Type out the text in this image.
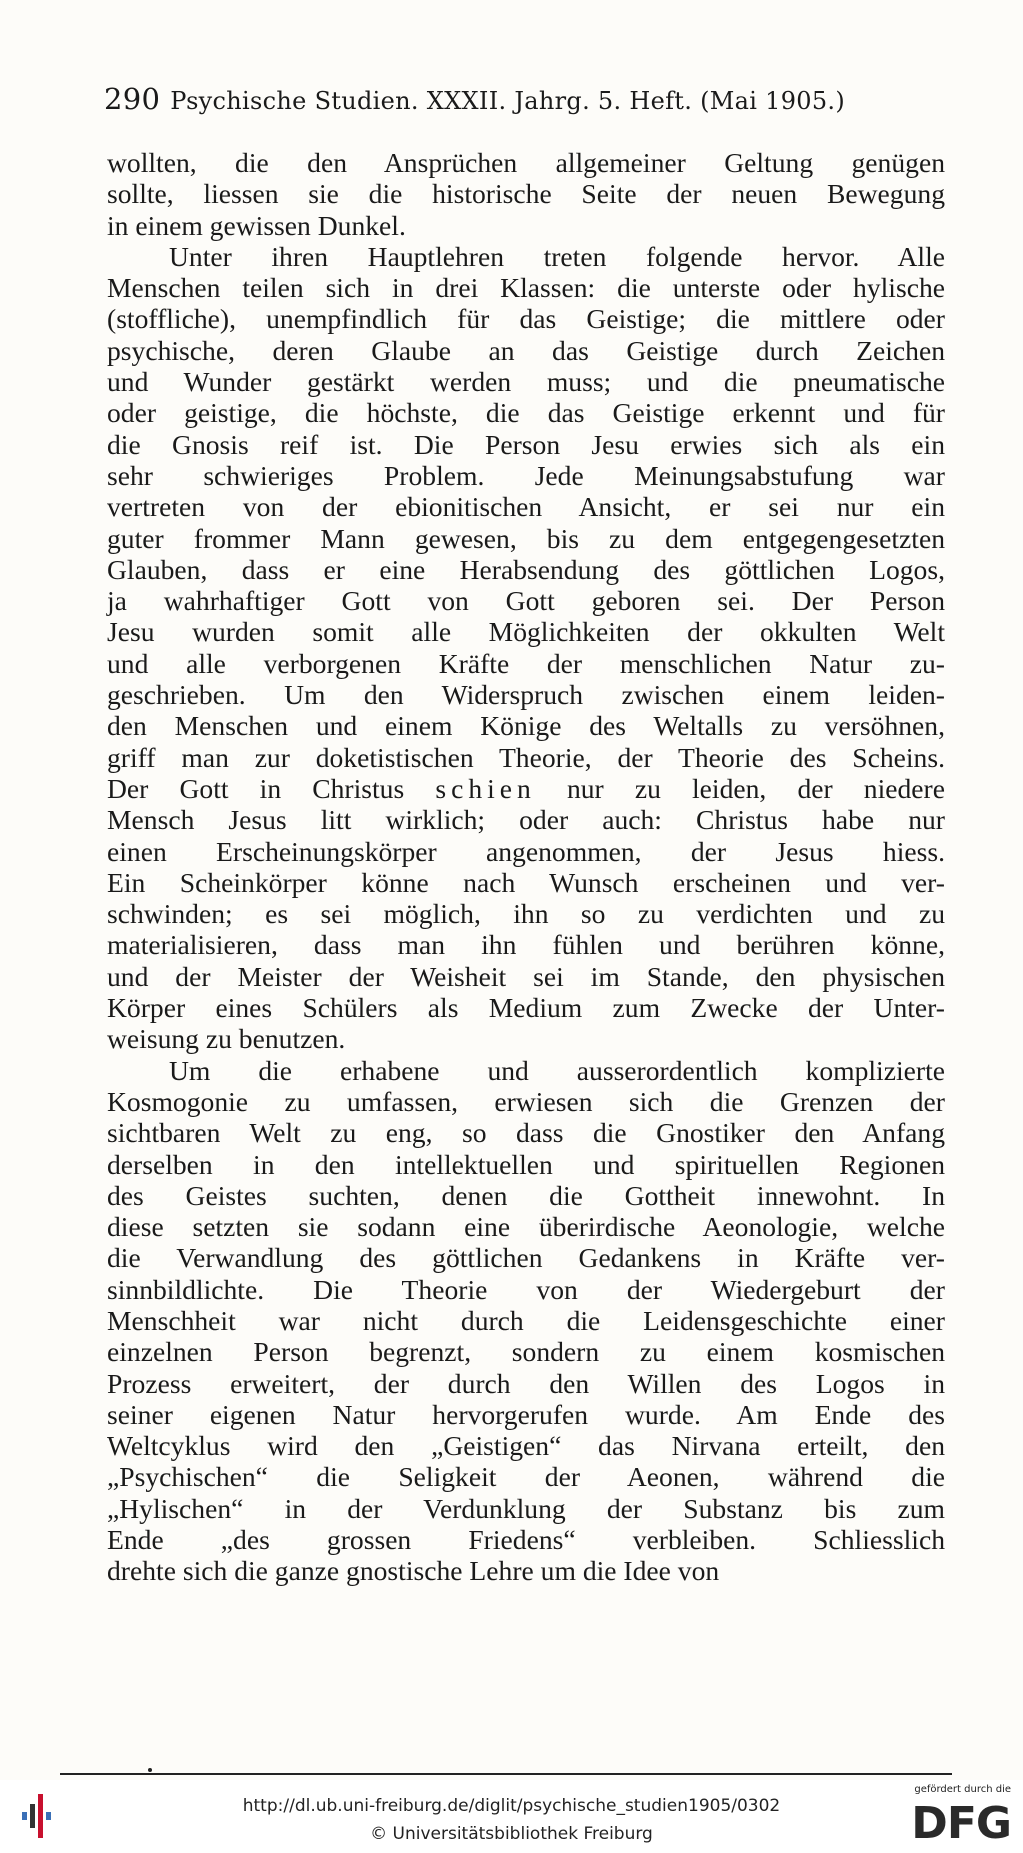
290 Psychische Studien. XXXII. Jahrg. 5. Heft. (Mai 1905.)

wollten, die den Ansprüchen allgemeiner Geltung genügen

sollte, liessen sie die historische Seite der neuen Bewegung

in einem gewissen Dunkel.

Unter ihren Hauptlehren treten folgende hervor. Alle

Menschen teilen sich in drei Klassen: die unterste oder hylische

(stoffliche), unempfindlich für das Geistige; die mittlere oder

psychische, deren Glaube an das Geistige durch Zeichen

und Wunder gestärkt werden muss; und die pneumatische

oder geistige, die höchste, die das Geistige erkennt und für

die Gnosis reif ist. Die Person Jesu erwies sich als ein

sehr schwieriges Problem. Jede Meinungsabstufung war

vertreten von der ebionitischen Ansicht, er sei nur ein

guter frommer Mann gewesen, bis zu dem entgegengesetzten

Glauben, dass er eine Herabsendung des göttlichen Logos,

ja wahrhaftiger Gott von Gott geboren sei. Der Person

Jesu wurden somit alle Möglichkeiten der okkulten Welt

und alle verborgenen Kräfte der menschlichen Natur zu-

geschrieben. Um den Widerspruch zwischen einem leiden-

den Menschen und einem Könige des Weltalls zu versöhnen,

griff man zur doketistischen Theorie, der Theorie des Scheins.

Der Gott in Christus schien nur zu leiden, der niedere

Mensch Jesus litt wirklich; oder auch: Christus habe nur

einen Erscheinungskörper angenommen, der Jesus hiess.

Ein Scheinkörper könne nach Wunsch erscheinen und ver-

schwinden; es sei möglich, ihn so zu verdichten und zu

materialisieren, dass man ihn fühlen und berühren könne,

und der Meister der Weisheit sei im Stande, den physischen

Körper eines Schülers als Medium zum Zwecke der Unter-

weisung zu benutzen.

Um die erhabene und ausserordentlich komplizierte

Kosmogonie zu umfassen, erwiesen sich die Grenzen der

sichtbaren Welt zu eng, so dass die Gnostiker den Anfang

derselben in den intellektuellen und spirituellen Regionen

des Geistes suchten, denen die Gottheit innewohnt. In

diese setzten sie sodann eine überirdische Aeonologie, welche

die Verwandlung des göttlichen Gedankens in Kräfte ver-

sinnbildlichte. Die Theorie von der Wiedergeburt der

Menschheit war nicht durch die Leidensgeschichte einer

einzelnen Person begrenzt, sondern zu einem kosmischen

Prozess erweitert, der durch den Willen des Logos in

seiner eigenen Natur hervorgerufen wurde. Am Ende des

Weltcyklus wird den „Geistigen“ das Nirvana erteilt, den

„Psychischen“ die Seligkeit der Aeonen, während die

„Hylischen“ in der Verdunklung der Substanz bis zum

Ende „des grossen Friedens“ verbleiben. Schliesslich

drehte sich die ganze gnostische Lehre um die Idee von

http://dl.ub.uni-freiburg.de/diglit/psychische_studien1905/0302
© Universitätsbibliothek Freiburg
gefördert durch die
DFG
